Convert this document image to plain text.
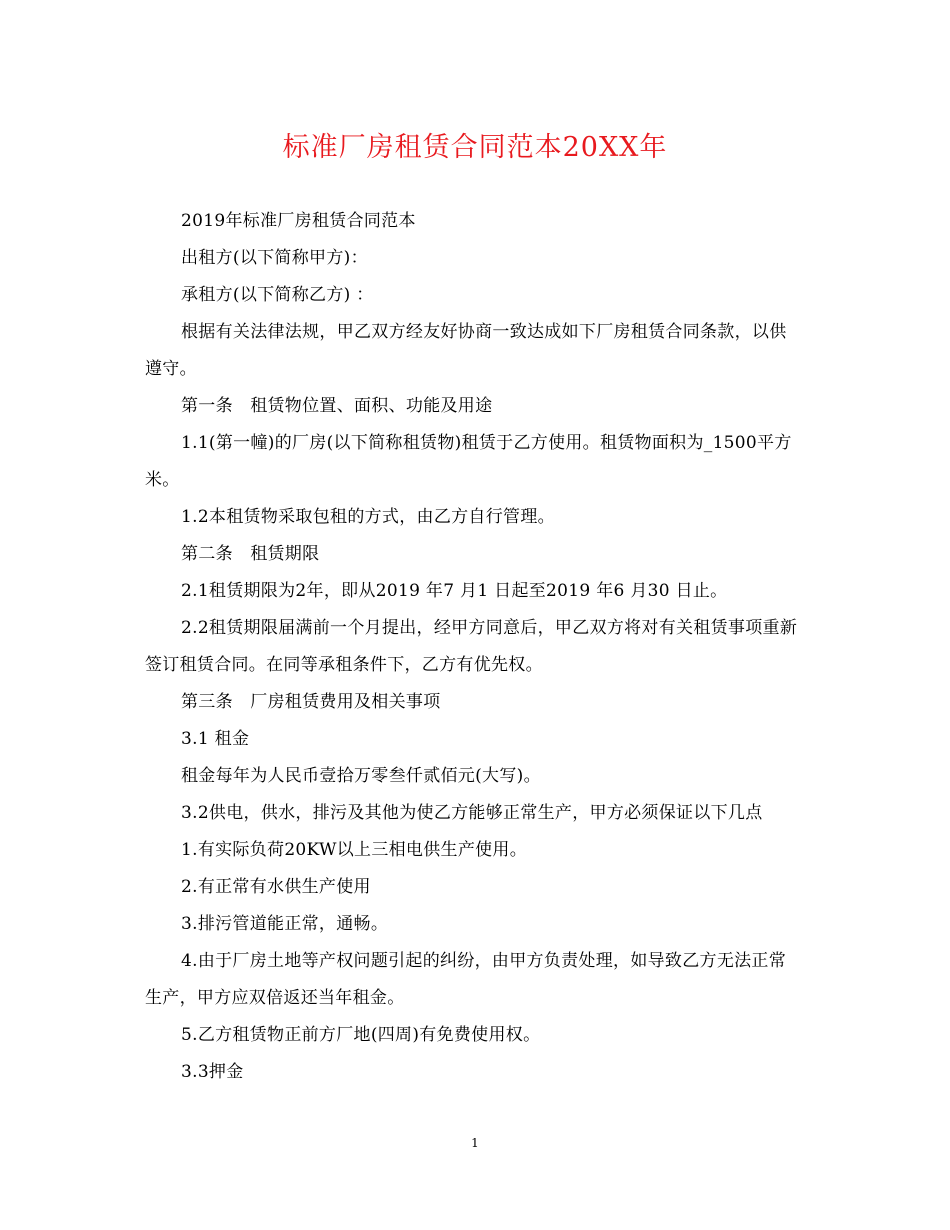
标准厂房租赁合同范本20XX年

2019年标准厂房租赁合同范本

出租方(以下简称甲方)：

承租方(以下简称乙方) ：

根据有关法律法规，甲乙双方经友好协商一致达成如下厂房租赁合同条款，以供遵守。

第一条　租赁物位置、面积、功能及用途

1.1(第一幢)的厂房(以下简称租赁物)租赁于乙方使用。租赁物面积为_1500平方米。

1.2本租赁物采取包租的方式，由乙方自行管理。

第二条　租赁期限

2.1租赁期限为2年，即从2019 年7 月1 日起至2019 年6 月30 日止。

2.2租赁期限届满前一个月提出，经甲方同意后，甲乙双方将对有关租赁事项重新签订租赁合同。在同等承租条件下，乙方有优先权。

第三条　厂房租赁费用及相关事项

3.1 租金

租金每年为人民币壹拾万零叁仟贰佰元(大写)。

3.2供电，供水，排污及其他为使乙方能够正常生产，甲方必须保证以下几点

1.有实际负荷20KW以上三相电供生产使用。

2.有正常有水供生产使用

3.排污管道能正常，通畅。

4.由于厂房土地等产权问题引起的纠纷，由甲方负责处理，如导致乙方无法正常生产，甲方应双倍返还当年租金。

5.乙方租赁物正前方厂地(四周)有免费使用权。

3.3押金

1
